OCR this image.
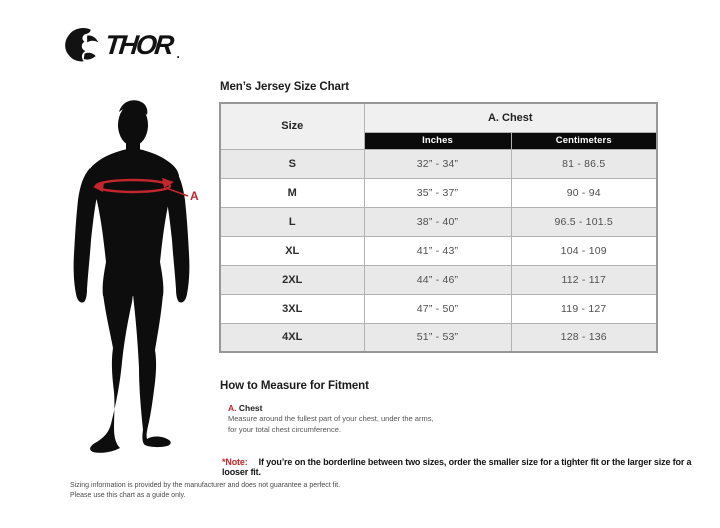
THOR .
A
Men’s Jersey Size Chart
Size	A. Chest	
	Inches	Centimeters
S	32” - 34”	81 - 86.5
M	35” - 37”	90 - 94
L	38” - 40”	96.5 - 101.5
XL	41” - 43”	104 - 109
2XL	44” - 46”	112 - 117
3XL	47” - 50”	119 - 127
4XL	51” - 53”	128 - 136
How to Measure for Fitment
A. Chest
Measure around the fullest part of your chest, under the arms, for your total chest circumference.
*Note: If you’re on the borderline between two sizes, order the smaller size for a tighter fit or the larger size for a looser fit.
Sizing information is provided by the manufacturer and does not guarantee a perfect fit.
Please use this chart as a guide only.
